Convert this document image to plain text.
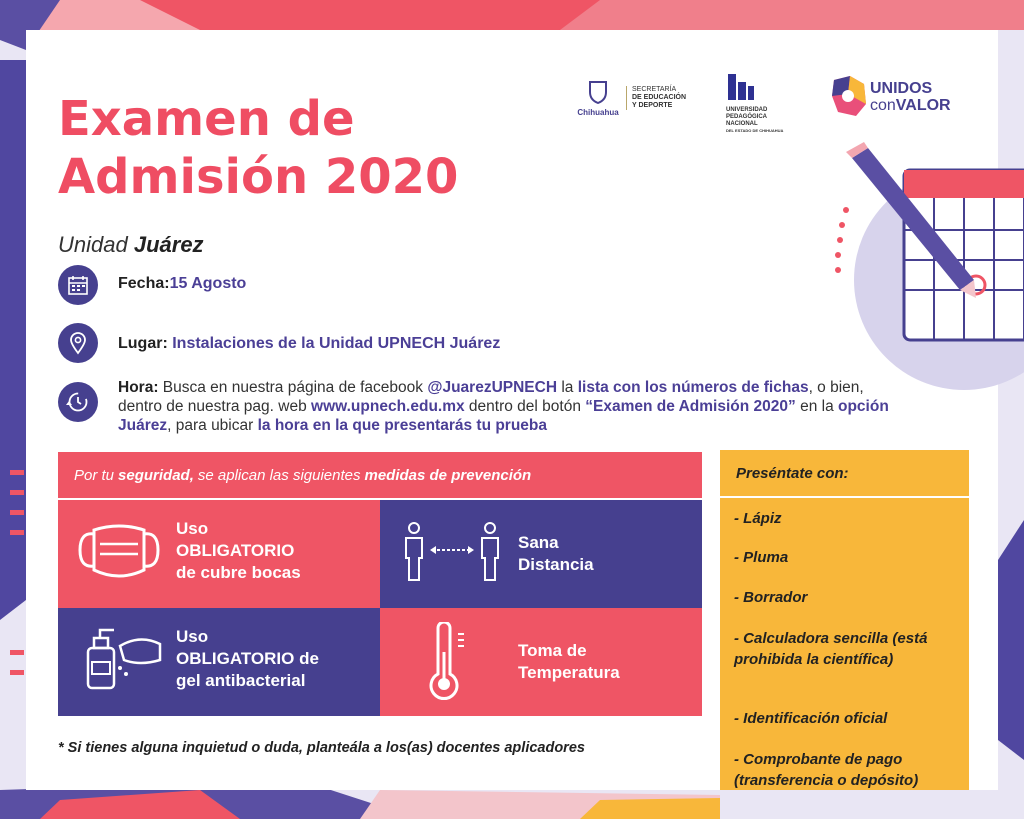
Examen de
Admisión 2020
Unidad Juárez
Chihuahua
SECRETARÍA
DE EDUCACIÓN
Y DEPORTE
UNIVERSIDAD
PEDAGÓGICA
NACIONAL
DEL ESTADO DE CHIHUAHUA
UNIDOS
conVALOR
Fecha:15 Agosto
Lugar: Instalaciones de la Unidad UPNECH Juárez
Hora: Busca en nuestra página de facebook @JuarezUPNECH la lista con los números de fichas, o bien, dentro de nuestra pag. web www.upnech.edu.mx dentro del botón “Examen de Admisión 2020” en la opción Juárez, para ubicar la hora en la que presentarás tu prueba
Por tu seguridad, se aplican las siguientes medidas de prevención
Uso
OBLIGATORIO
de cubre bocas
Sana
Distancia
Uso
OBLIGATORIO de
gel antibacterial
Toma de
Temperatura
* Si tienes alguna inquietud o duda, planteála a los(as) docentes aplicadores
Preséntate con:
- Lápiz
- Pluma
- Borrador
- Calculadora sencilla (está prohibida la científica)
- Identificación oficial
- Comprobante de pago (transferencia o depósito)
